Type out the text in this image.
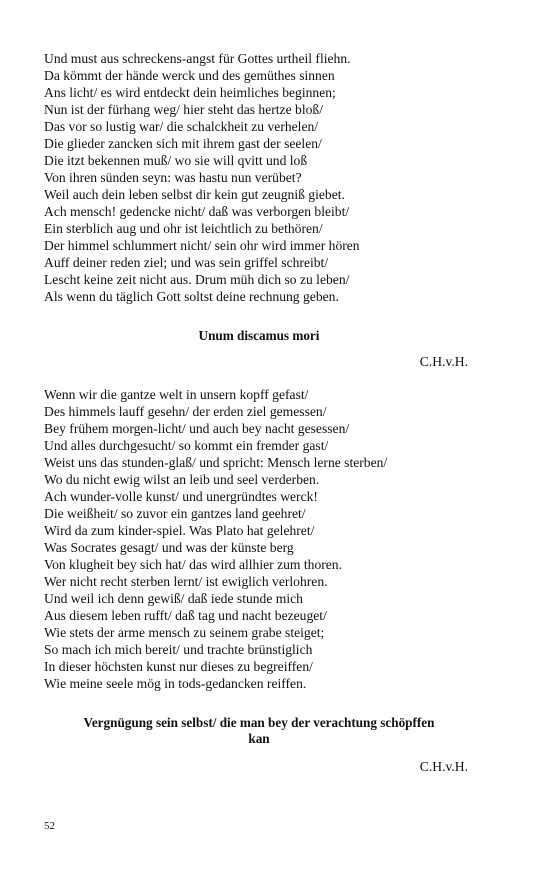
Und must aus schreckens-angst für Gottes urtheil fliehn.
Da kömmt der hände werck und des gemüthes sinnen
Ans licht/ es wird entdeckt dein heimliches beginnen;
Nun ist der fürhang weg/ hier steht das hertze bloß/
Das vor so lustig war/ die schalckheit zu verhelen/
Die glieder zancken sich mit ihrem gast der seelen/
Die itzt bekennen muß/ wo sie will qvitt und loß
Von ihren sünden seyn: was hastu nun verübet?
Weil auch dein leben selbst dir kein gut zeugniß giebet.
Ach mensch! gedencke nicht/ daß was verborgen bleibt/
Ein sterblich aug und ohr ist leichtlich zu bethören/
Der himmel schlummert nicht/ sein ohr wird immer hören
Auff deiner reden ziel; und was sein griffel schreibt/
Lescht keine zeit nicht aus. Drum müh dich so zu leben/
Als wenn du täglich Gott soltst deine rechnung geben.
Unum discamus mori
C.H.v.H.
Wenn wir die gantze welt in unsern kopff gefast/
Des himmels lauff gesehn/ der erden ziel gemessen/
Bey frühem morgen-licht/ und auch bey nacht gesessen/
Und alles durchgesucht/ so kommt ein fremder gast/
Weist uns das stunden-glaß/ und spricht: Mensch lerne sterben/
Wo du nicht ewig wilst an leib und seel verderben.
Ach wunder-volle kunst/ und unergründtes werck!
Die weißheit/ so zuvor ein gantzes land geehret/
Wird da zum kinder-spiel. Was Plato hat gelehret/
Was Socrates gesagt/ und was der künste berg
Von klugheit bey sich hat/ das wird allhier zum thoren.
Wer nicht recht sterben lernt/ ist ewiglich verlohren.
Und weil ich denn gewiß/ daß iede stunde mich
Aus diesem leben rufft/ daß tag und nacht bezeuget/
Wie stets der arme mensch zu seinem grabe steiget;
So mach ich mich bereit/ und trachte brünstiglich
In dieser höchsten kunst nur dieses zu begreiffen/
Wie meine seele mög in tods-gedancken reiffen.
Vergnügung sein selbst/ die man bey der verachtung schöpffen
kan
C.H.v.H.
52
